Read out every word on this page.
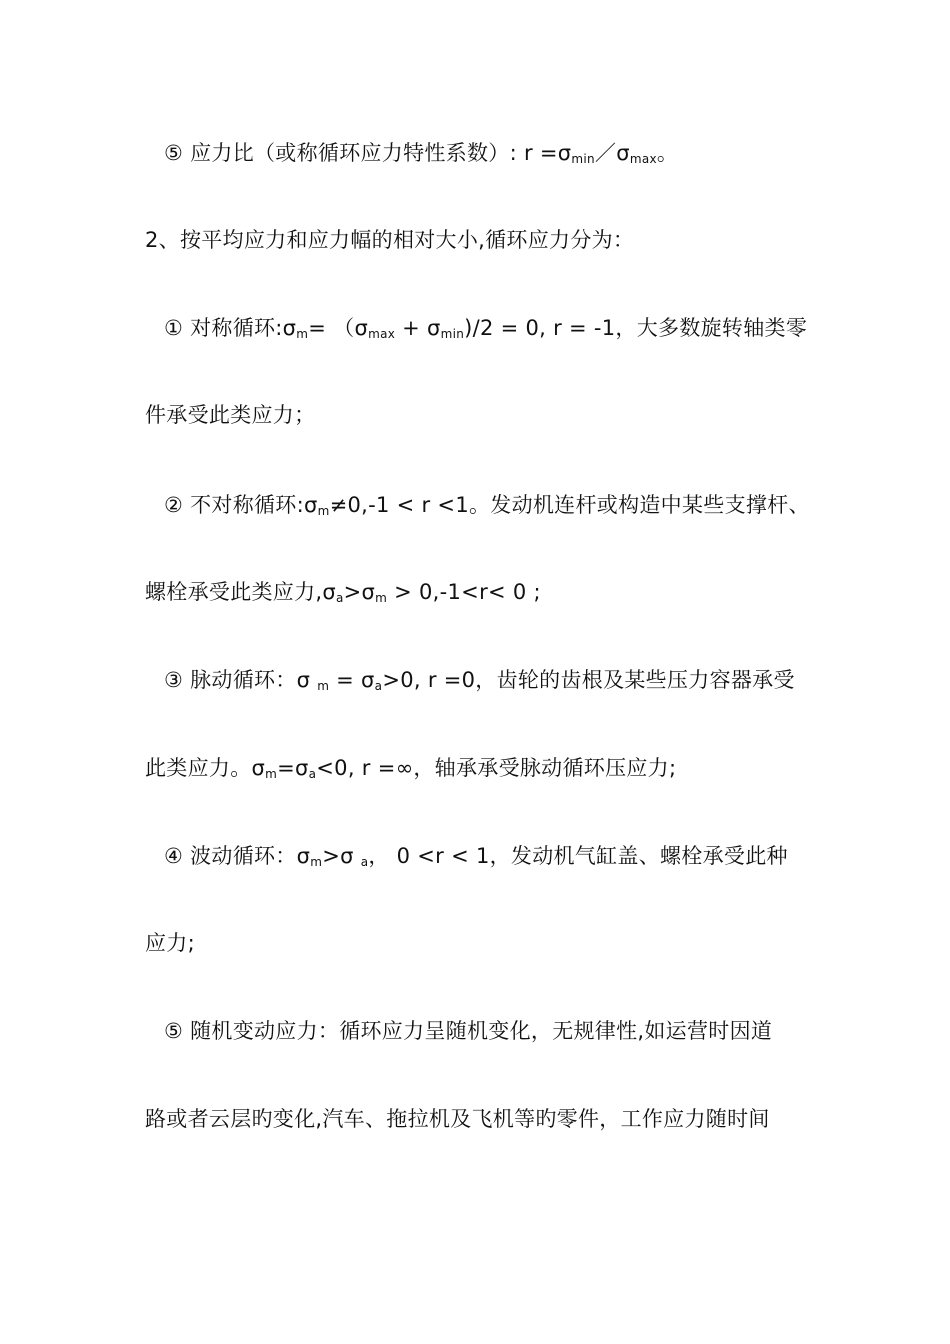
⑤ 应力比（或称循环应力特性系数）: $r =\sigma_{min}/\sigma_{max}$。
2、按平均应力和应力幅的相对大小,循环应力分为：
① 对称循环$:\sigma_m= (\sigma_{max} + \sigma_{min})/2 = 0$, r = -1，大多数旋转轴类零
件承受此类应力；
② 不对称循环$:\sigma_m\ne 0,-1 < r <1$。发动机连杆或构造中某些支撑杆、
螺栓承受此类应力$,\sigma_a>\sigma_m > 0,-1<r< 0$ ;
③ 脉动循环：σ $_m = \sigma_a>0$, r =0，齿轮的齿根及某些压力容器承受
此类应力。$\sigma_m=\sigma_a<0$, r =∞，轴承承受脉动循环压应力;
④ 波动循环：$\sigma_m>\sigma$ $_a$， 0 <r < 1，发动机气缸盖、螺栓承受此种
应力;
⑤ 随机变动应力：循环应力呈随机变化，无规律性,如运营时因道
路或者云层旳变化,汽车、拖拉机及飞机等旳零件，工作应力随时间
